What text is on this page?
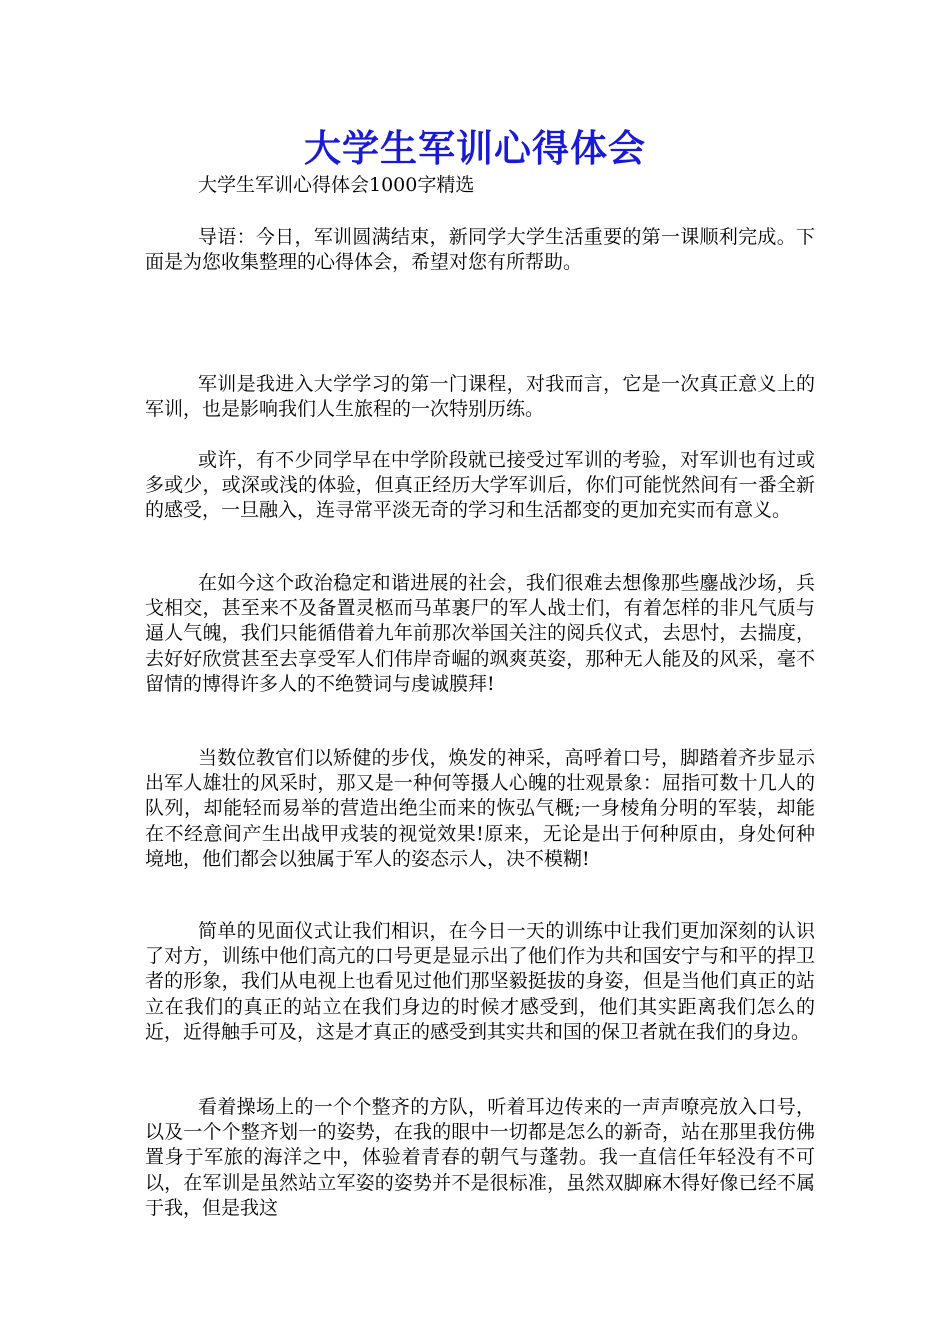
大学生军训心得体会
大学生军训心得体会1000字精选

导语：今日，军训圆满结束，新同学大学生活重要的第一课顺利完成。下面是为您收集整理的心得体会，希望对您有所帮助。

军训是我进入大学学习的第一门课程，对我而言，它是一次真正意义上的军训，也是影响我们人生旅程的一次特别历练。

或许，有不少同学早在中学阶段就已接受过军训的考验，对军训也有过或多或少，或深或浅的体验，但真正经历大学军训后，你们可能恍然间有一番全新的感受，一旦融入，连寻常平淡无奇的学习和生活都变的更加充实而有意义。

在如今这个政治稳定和谐进展的社会，我们很难去想像那些鏖战沙场，兵戈相交，甚至来不及备置灵柩而马革裹尸的军人战士们，有着怎样的非凡气质与逼人气魄，我们只能循借着九年前那次举国关注的阅兵仪式，去思忖，去揣度，去好好欣赏甚至去享受军人们伟岸奇崛的飒爽英姿，那种无人能及的风采，毫不留情的博得许多人的不绝赞词与虔诚膜拜!

当数位教官们以矫健的步伐，焕发的神采，高呼着口号，脚踏着齐步显示出军人雄壮的风采时，那又是一种何等摄人心魄的壮观景象：屈指可数十几人的队列，却能轻而易举的营造出绝尘而来的恢弘气概;一身棱角分明的军装，却能在不经意间产生出战甲戎装的视觉效果!原来，无论是出于何种原由，身处何种境地，他们都会以独属于军人的姿态示人，决不模糊!

简单的见面仪式让我们相识，在今日一天的训练中让我们更加深刻的认识了对方，训练中他们高亢的口号更是显示出了他们作为共和国安宁与和平的捍卫者的形象，我们从电视上也看见过他们那坚毅挺拔的身姿，但是当他们真正的站立在我们的真正的站立在我们身边的时候才感受到，他们其实距离我们怎么的近，近得触手可及，这是才真正的感受到其实共和国的保卫者就在我们的身边。

看着操场上的一个个整齐的方队，听着耳边传来的一声声嘹亮放入口号，以及一个个整齐划一的姿势，在我的眼中一切都是怎么的新奇，站在那里我仿佛置身于军旅的海洋之中，体验着青春的朝气与蓬勃。我一直信任年轻没有不可以，在军训是虽然站立军姿的姿势并不是很标准，虽然双脚麻木得好像已经不属于我，但是我这
